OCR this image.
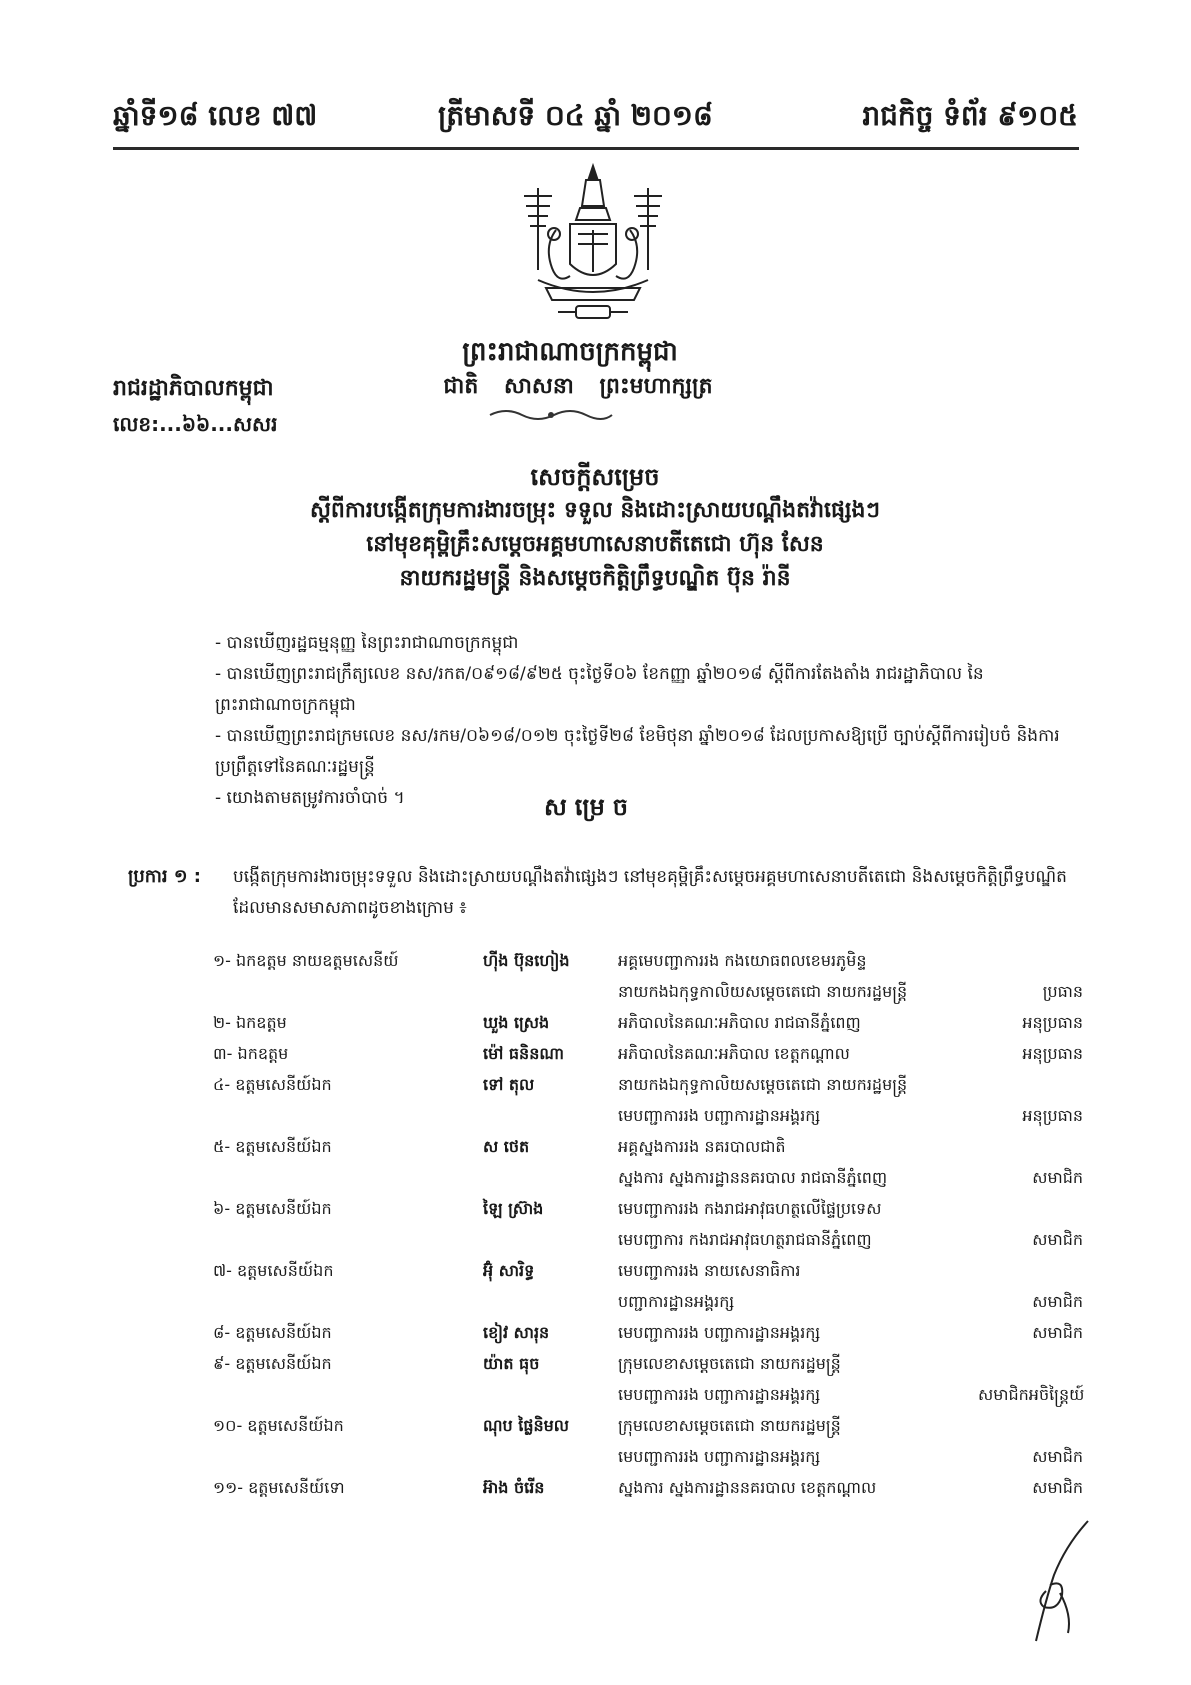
ឆ្នាំទី១៨ លេខ ៧៧	ត្រីមាសទី ០៤ ឆ្នាំ ២០១៨	រាជកិច្ច ទំព័រ ៩១០៥
ព្រះរាជាណាចក្រកម្ពុជា
ជាតិ សាសនា ព្រះមហាក្សត្រ
រាជរដ្ឋាភិបាលកម្ពុជា
លេខ:...៦៦...សសរ
សេចក្តីសម្រេច
ស្តីពីការបង្កើតក្រុមការងារចម្រុះ ទទួល និងដោះស្រាយបណ្តឹងតវ៉ាផ្សេងៗ
នៅមុខគុម្ពិគ្រឹះសម្តេចអគ្គមហាសេនាបតីតេជោ ហ៊ុន សែន
នាយករដ្ឋមន្ត្រី និងសម្តេចកិត្តិព្រឹទ្ធបណ្ឌិត ប៊ុន រ៉ានី

- បានឃើញរដ្ឋធម្មនុញ្ញ នៃព្រះរាជាណាចក្រកម្ពុជា

- បានឃើញព្រះរាជក្រឹត្យលេខ នស/រកត/០៩១៨/៩២៥ ចុះថ្ងៃទី០៦ ខែកញ្ញា ឆ្នាំ២០១៨ ស្តីពីការតែងតាំង រាជរដ្ឋាភិបាល នៃព្រះរាជាណាចក្រកម្ពុជា

- បានឃើញព្រះរាជក្រមលេខ នស/រកម/០៦១៨/០១២ ចុះថ្ងៃទី២៨ ខែមិថុនា ឆ្នាំ២០១៨ ដែលប្រកាសឱ្យប្រើ ច្បាប់ស្តីពីការរៀបចំ និងការប្រព្រឹត្តទៅនៃគណៈរដ្ឋមន្ត្រី

- យោងតាមតម្រូវការចាំបាច់ ។	សម្រេច
ប្រការ ១ : បង្កើតក្រុមការងារចម្រុះទទួល និងដោះស្រាយបណ្តឹងតវ៉ាផ្សេងៗ នៅមុខគុម្ពិគ្រឹះសម្តេចអគ្គមហាសេនាបតីតេជោ និងសម្តេចកិត្តិព្រឹទ្ធបណ្ឌិត ដែលមានសមាសភាពដូចខាងក្រោម ៖
១- ឯកឧត្តម នាយឧត្តមសេនីយ៍	ហ៊ីង ប៊ុនហៀង	អគ្គមេបញ្ជាការរង កងយោធពលខេមរភូមិន្ទ
នាយកងឯកុទ្ធកាលិយសម្តេចតេជោ នាយករដ្ឋមន្ត្រី	ប្រធាន
២- ឯកឧត្តម	ឃួង ស្រេង	អភិបាលនៃគណៈអភិបាល រាជធានីភ្នំពេញ	អនុប្រធាន
៣- ឯកឧត្តម	ម៉ៅ ធនិនណា	អភិបាលនៃគណៈអភិបាល ខេត្តកណ្តាល	អនុប្រធាន
៤- ឧត្តមសេនីយ៍ឯក	ទៅ តុល	នាយកងឯកុទ្ធកាលិយសម្តេចតេជោ នាយករដ្ឋមន្ត្រី
មេបញ្ជាការរង បញ្ជាការដ្ឋានអង្គរក្ស	អនុប្រធាន
៥- ឧត្តមសេនីយ៍ឯក	ស ថេត	អគ្គស្នងការរង នគរបាលជាតិ
ស្នងការ ស្នងការដ្ឋាននគរបាល រាជធានីភ្នំពេញ	សមាជិក
៦- ឧត្តមសេនីយ៍ឯក	ឡៃ ស្រ៊ាង	មេបញ្ជាការរង កងរាជអាវុធហត្ថលើផ្ទៃប្រទេស
មេបញ្ជាការ កងរាជអាវុធហត្ថរាជធានីភ្នំពេញ	សមាជិក
៧- ឧត្តមសេនីយ៍ឯក	អ៊ុំ សារិទ្ធ	មេបញ្ជាការរង នាយសេនាធិការ
បញ្ជាការដ្ឋានអង្គរក្ស	សមាជិក
៨- ឧត្តមសេនីយ៍ឯក	ខៀវ សារុន	មេបញ្ជាការរង បញ្ជាការដ្ឋានអង្គរក្ស	សមាជិក
៩- ឧត្តមសេនីយ៍ឯក	យ៉ាត ធុច	ក្រុមលេខាសម្តេចតេជោ នាយករដ្ឋមន្ត្រី
មេបញ្ជាការរង បញ្ជាការដ្ឋានអង្គរក្ស	សមាជិកអចិន្ត្រៃយ៍
១០- ឧត្តមសេនីយ៍ឯក	ណុប ផ្លៃនិមល	ក្រុមលេខាសម្តេចតេជោ នាយករដ្ឋមន្ត្រី
មេបញ្ជាការរង បញ្ជាការដ្ឋានអង្គរក្ស	សមាជិក
១១- ឧត្តមសេនីយ៍ទោ	អ៊ាង ចំរើន	ស្នងការ ស្នងការដ្ឋាននគរបាល ខេត្តកណ្តាល	សមាជិក
